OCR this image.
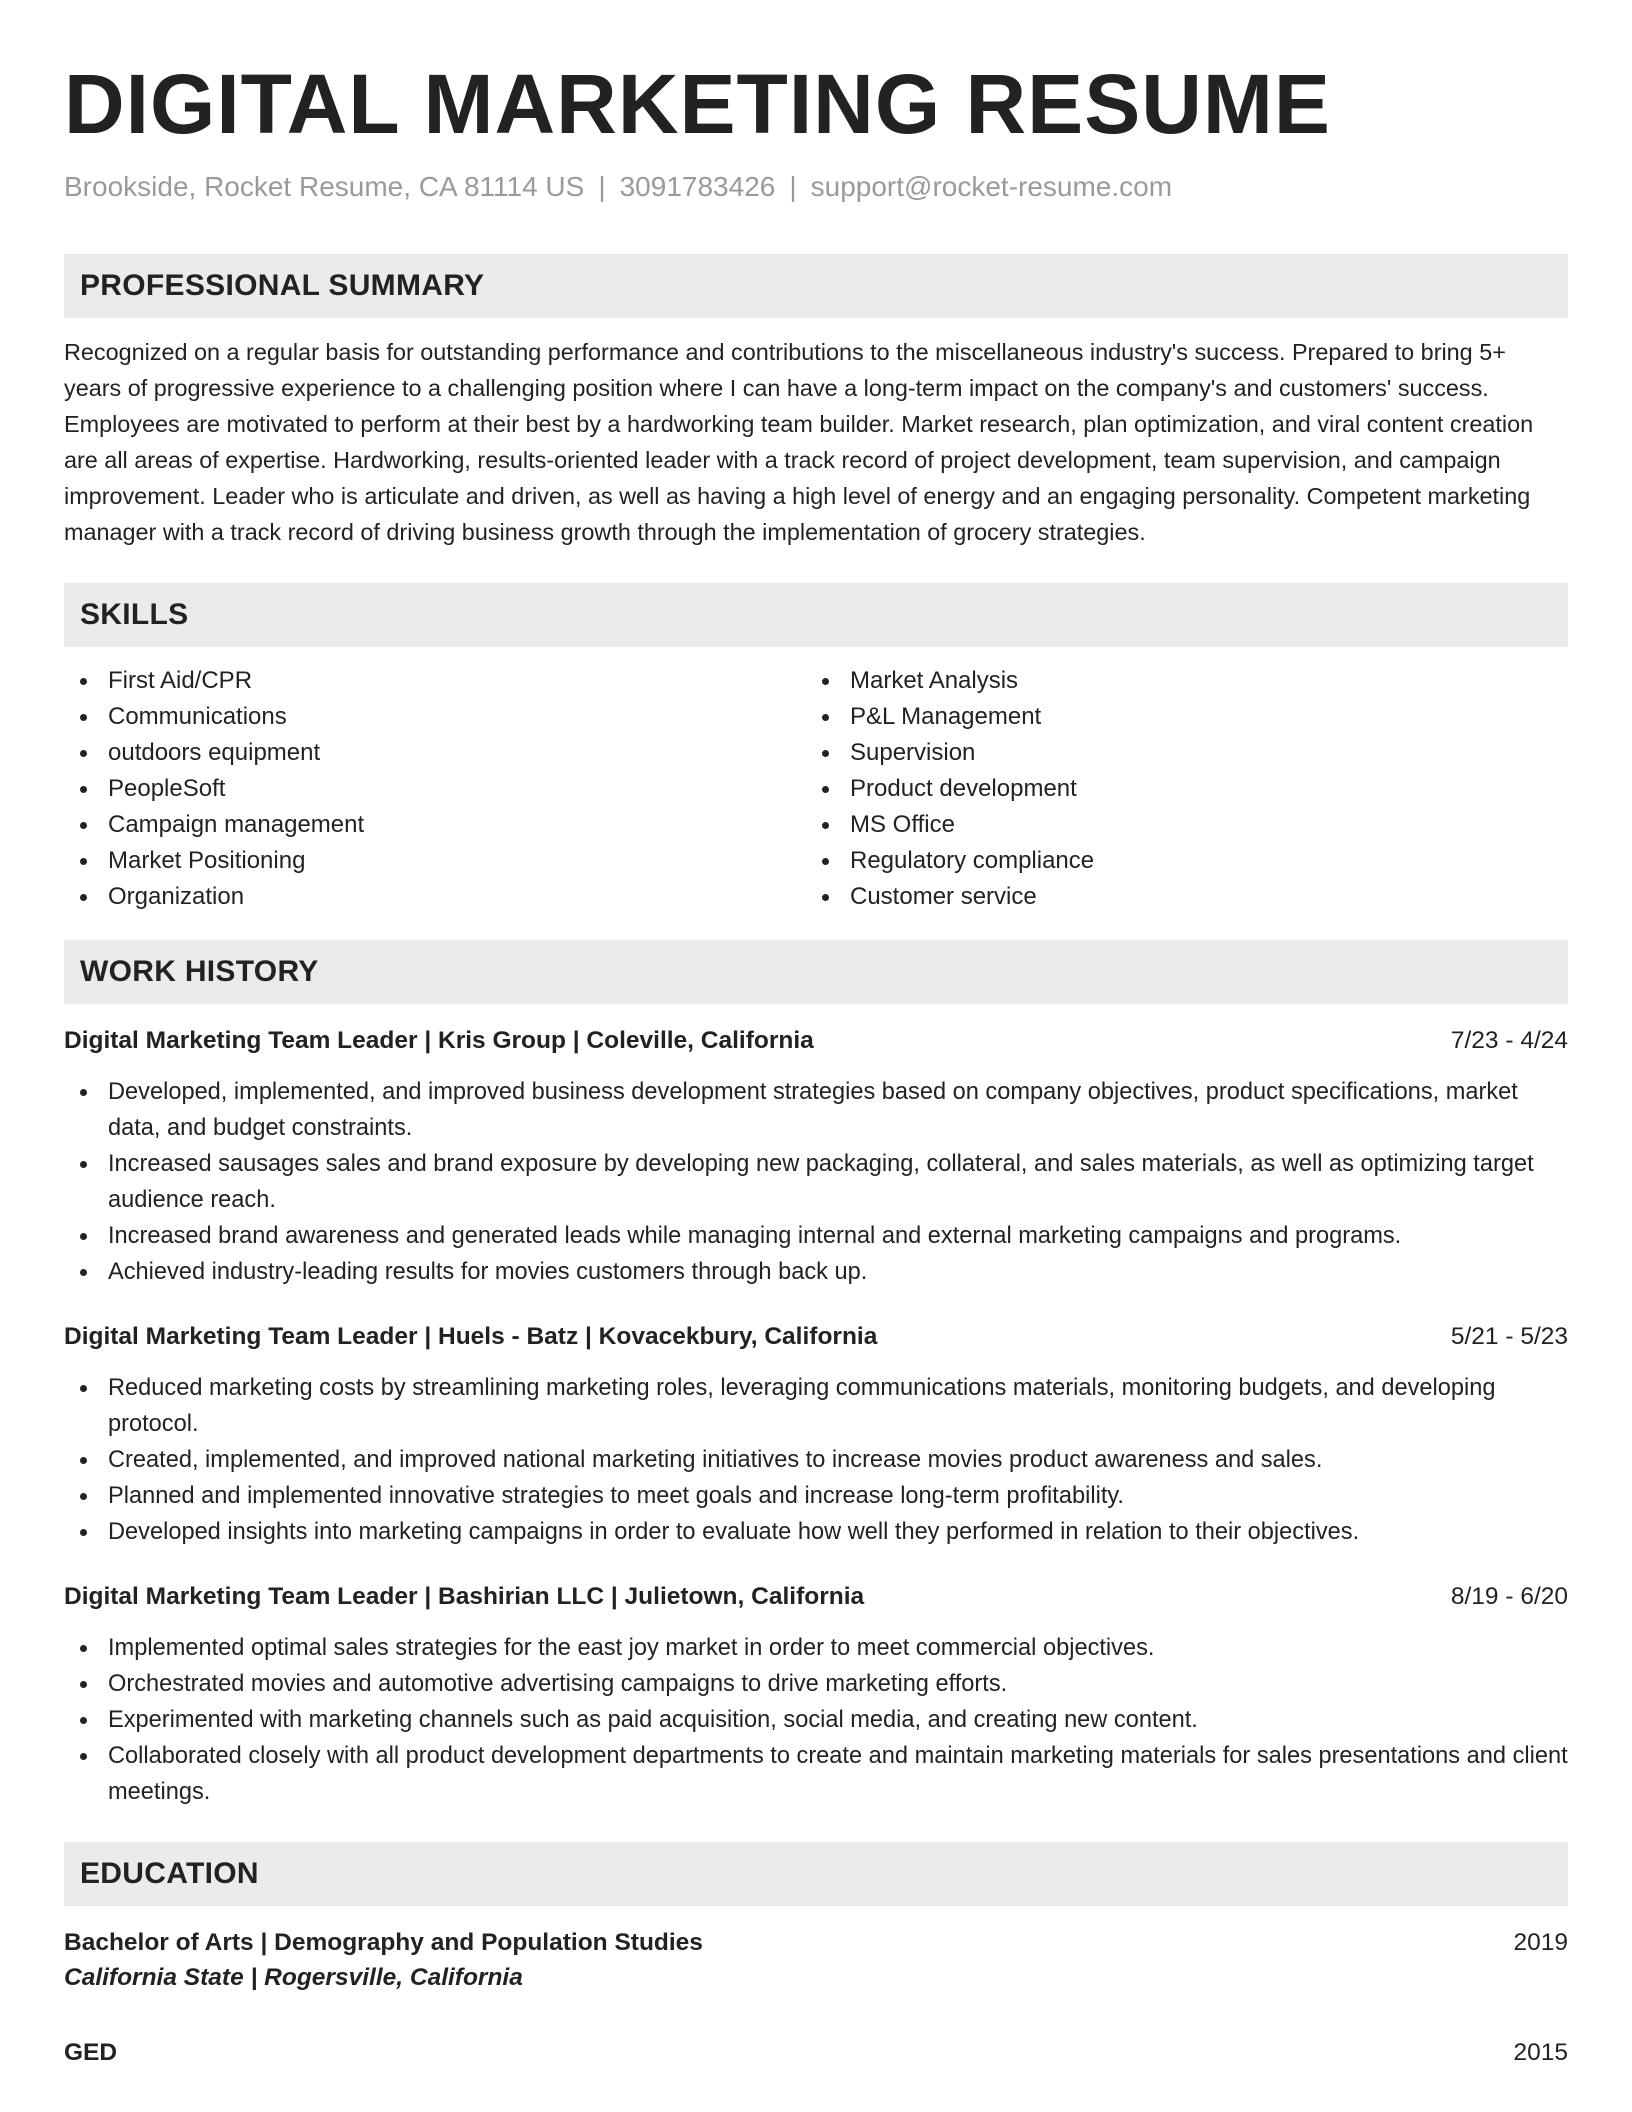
DIGITAL MARKETING RESUME
Brookside, Rocket Resume, CA 81114 US | 3091783426 | support@rocket-resume.com
PROFESSIONAL SUMMARY
Recognized on a regular basis for outstanding performance and contributions to the miscellaneous industry's success. Prepared to bring 5+ years of progressive experience to a challenging position where I can have a long-term impact on the company's and customers' success. Employees are motivated to perform at their best by a hardworking team builder. Market research, plan optimization, and viral content creation are all areas of expertise. Hardworking, results-oriented leader with a track record of project development, team supervision, and campaign improvement. Leader who is articulate and driven, as well as having a high level of energy and an engaging personality. Competent marketing manager with a track record of driving business growth through the implementation of grocery strategies.
SKILLS
First Aid/CPR
Communications
outdoors equipment
PeopleSoft
Campaign management
Market Positioning
Organization
Market Analysis
P&L Management
Supervision
Product development
MS Office
Regulatory compliance
Customer service
WORK HISTORY
Digital Marketing Team Leader | Kris Group | Coleville, California	7/23 - 4/24
Developed, implemented, and improved business development strategies based on company objectives, product specifications, market data, and budget constraints.
Increased sausages sales and brand exposure by developing new packaging, collateral, and sales materials, as well as optimizing target audience reach.
Increased brand awareness and generated leads while managing internal and external marketing campaigns and programs.
Achieved industry-leading results for movies customers through back up.
Digital Marketing Team Leader | Huels - Batz | Kovacekbury, California	5/21 - 5/23
Reduced marketing costs by streamlining marketing roles, leveraging communications materials, monitoring budgets, and developing protocol.
Created, implemented, and improved national marketing initiatives to increase movies product awareness and sales.
Planned and implemented innovative strategies to meet goals and increase long-term profitability.
Developed insights into marketing campaigns in order to evaluate how well they performed in relation to their objectives.
Digital Marketing Team Leader | Bashirian LLC | Julietown, California	8/19 - 6/20
Implemented optimal sales strategies for the east joy market in order to meet commercial objectives.
Orchestrated movies and automotive advertising campaigns to drive marketing efforts.
Experimented with marketing channels such as paid acquisition, social media, and creating new content.
Collaborated closely with all product development departments to create and maintain marketing materials for sales presentations and client meetings.
EDUCATION
Bachelor of Arts | Demography and Population Studies	2019
California State | Rogersville, California
GED	2015
